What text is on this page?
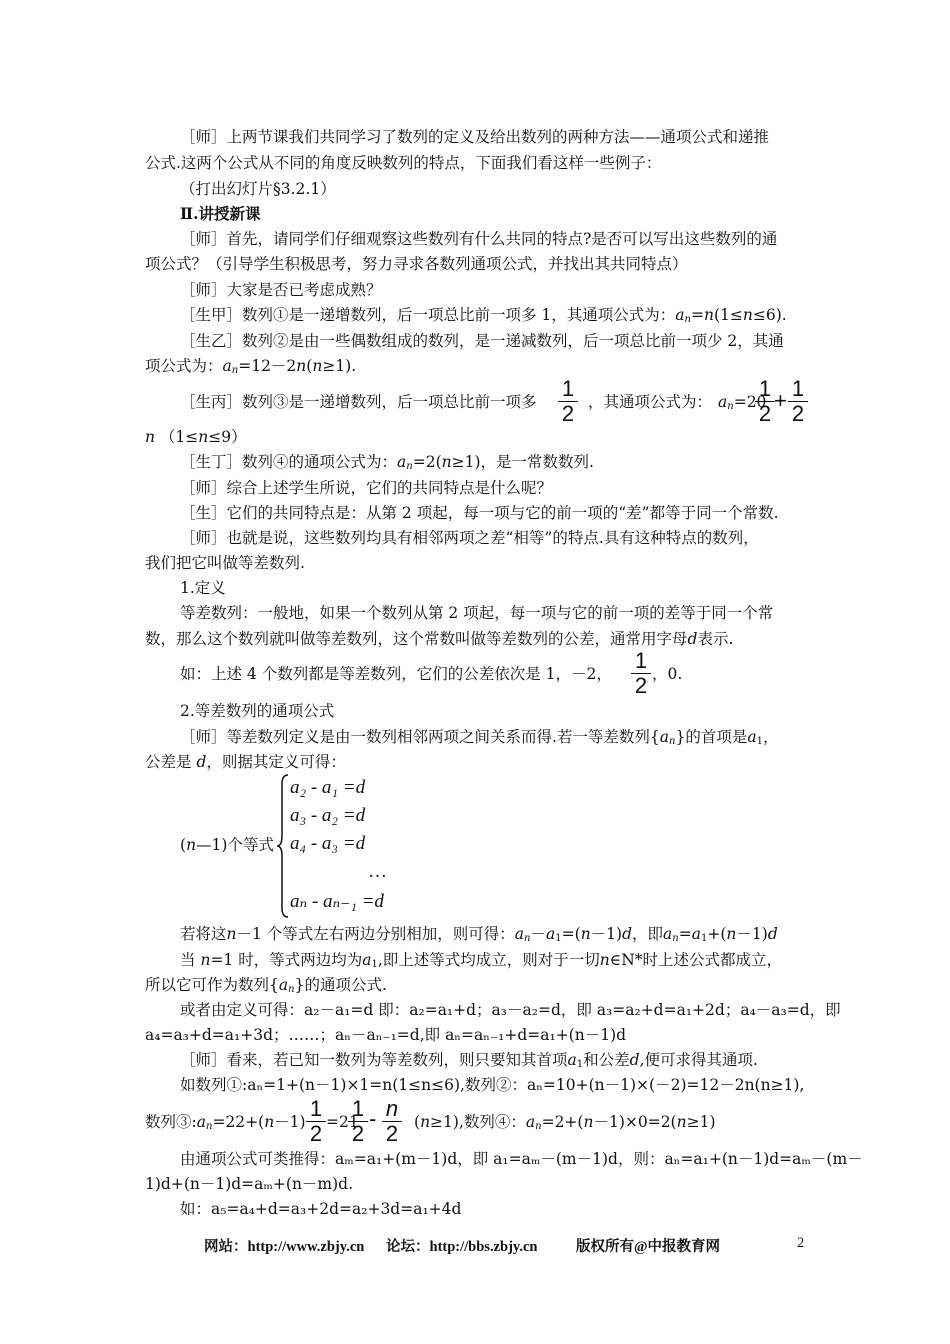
［师］上两节课我们共同学习了数列的定义及给出数列的两种方法——通项公式和递推
公式.这两个公式从不同的角度反映数列的特点，下面我们看这样一些例子：
（打出幻灯片§3.2.1）
Ⅱ.讲授新课
［师］首先，请同学们仔细观察这些数列有什么共同的特点?是否可以写出这些数列的通
项公式？（引导学生积极思考，努力寻求各数列通项公式，并找出其共同特点）
［师］大家是否已考虑成熟？
［生甲］数列①是一递增数列，后一项总比前一项多 1，其通项公式为：$a_n=n(1\le n\le 6)$.
［生乙］数列②是由一些偶数组成的数列，是一递减数列，后一项总比前一项少 2，其通
项公式为：$a_n=12-2n(n\ge 1)$.
［生丙］数列③是一递增数列，后一项总比前一项多
1
2 ，其通项公式为： $a_n=20$
1
2
+ 1
2
n （1≤n≤9）
［生丁］数列④的通项公式为：$a_n=2(n\ge 1)$，是一常数数列.
［师］综合上述学生所说，它们的共同特点是什么呢？
［生］它们的共同特点是：从第 2 项起，每一项与它的前一项的“差”都等于同一个常数.
［师］也就是说，这些数列均具有相邻两项之差“相等”的特点.具有这种特点的数列，
我们把它叫做等差数列.
1.定义
等差数列：一般地，如果一个数列从第 2 项起，每一项与它的前一项的差等于同一个常
数，那么这个数列就叫做等差数列，这个常数叫做等差数列的公差，通常用字母d表示.
如：上述 4 个数列都是等差数列，它们的公差依次是 1，－2，
1
2 ，0.
2.等差数列的通项公式
［师］等差数列定义是由一数列相邻两项之间关系而得.若一等差数列$\{a_n\}$的首项是$a_1$，
公差是 d，则据其定义可得：
(n—1)个等式
a₂ - a₁ =d
a₃ - a₂ =d
a₄ - a₃ =d
…
aₙ - aₙ₋₁ =d
若将这n－1 个等式左右两边分别相加，则可得：$a_n-a_1=(n-1)d$，即$a_n=a_1+(n-1)d$
当 n=1 时，等式两边均为$a_1$,即上述等式均成立，则对于一切n∈N*时上述公式都成立，
所以它可作为数列$\{a_n\}$的通项公式.
或者由定义可得：a₂－a₁=d 即：a₂=a₁+d；a₃－a₂=d，即 a₃=a₂+d=a₁+2d；a₄－a₃=d，即
a₄=a₃+d=a₁+3d；……；aₙ－aₙ₋₁=d,即 aₙ=aₙ₋₁+d=a₁+(n－1)d
［师］看来，若已知一数列为等差数列，则只要知其首项$a_1$和公差d,便可求得其通项.
如数列①:aₙ=1+(n－1)×1=n(1≤n≤6),数列②：aₙ=10+(n－1)×(－2)=12－2n(n≥1),
数列$③:a_n=22+(n-1)$
1
2 =21
1
2
- n
2 (n≥1),数列④：$a_n=2+(n-1)\times 0=2(n\ge 1)$
由通项公式可类推得：aₘ=a₁+(m－1)d，即 a₁=aₘ－(m－1)d，则：aₙ=a₁+(n－1)d=aₘ－(m－
1)d+(n－1)d=aₘ+(n－m)d.
如：a₅=a₄+d=a₃+2d=a₂+3d=a₁+4d
网站：http://www.zbjy.cn 论坛：http://bbs.zbjy.cn	版权所有@中报教育网	2
